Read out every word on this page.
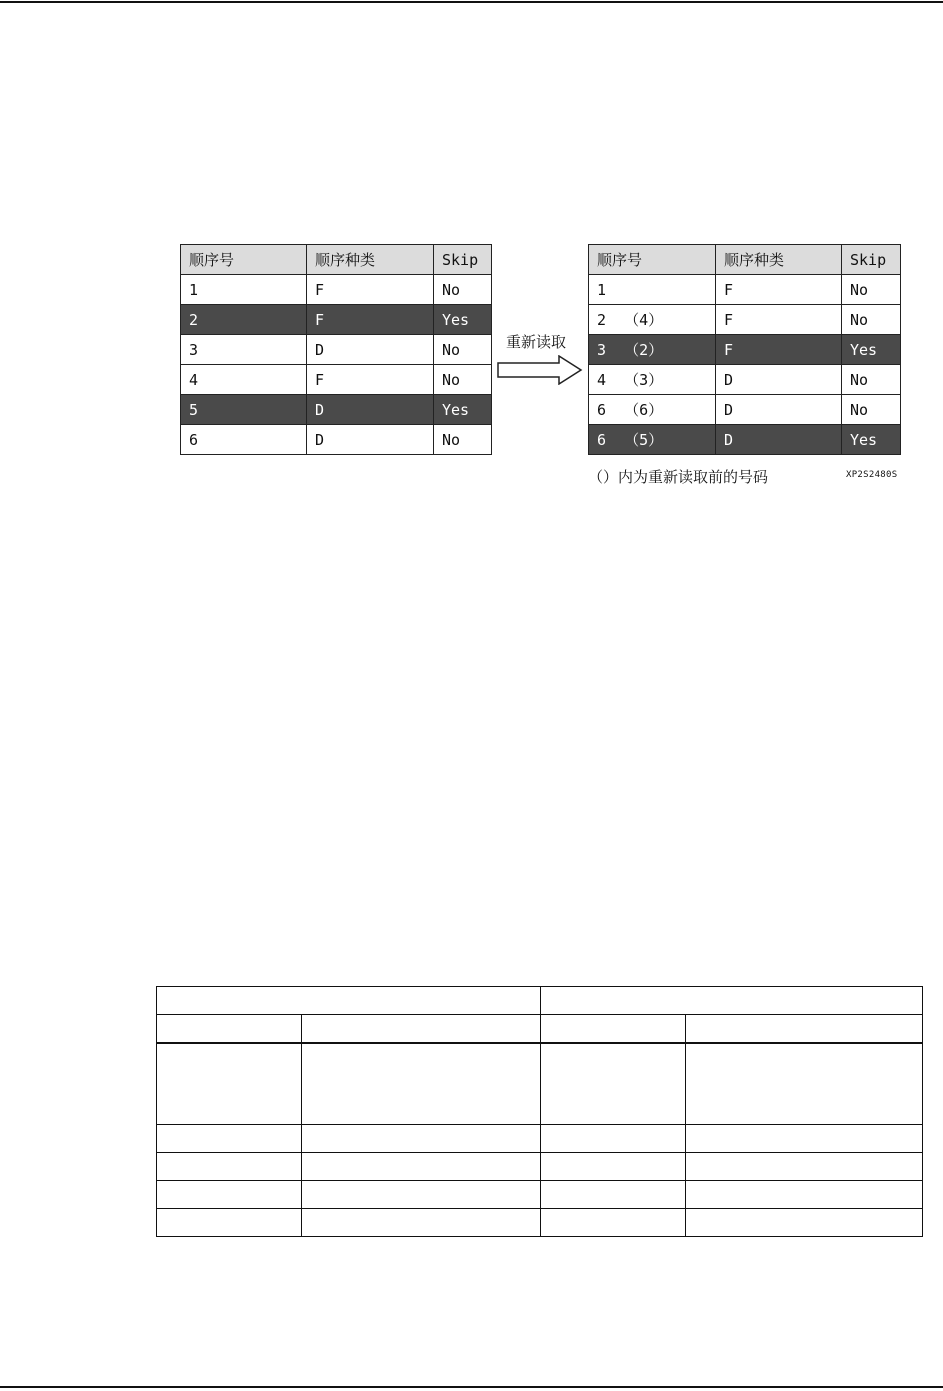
顺序号	顺序种类	Skip
1	F	No
2	F	Yes
3	D	No
4	F	No
5	D	Yes
6	D	No
重新读取
顺序号	顺序种类	Skip
1	F	No
2  （4）	F	No
3  （2）	F	Yes
4  （3）	D	No
6  （6）	D	No
6  （5）	D	Yes
（）内为重新读取前的号码	XP2S2480S
